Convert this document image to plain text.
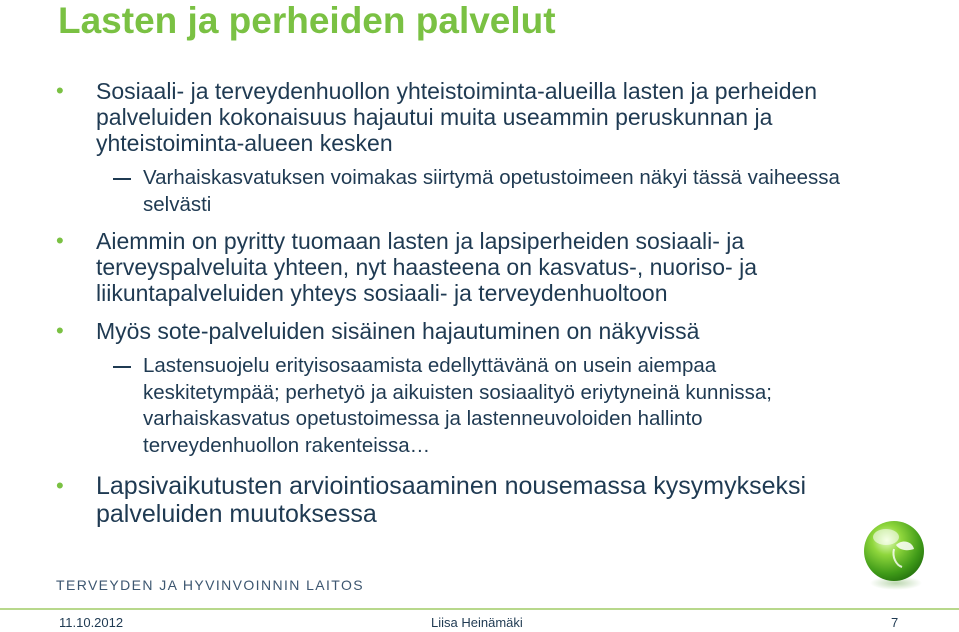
Lasten ja perheiden palvelut
• Sosiaali- ja terveydenhuollon yhteistoiminta-alueilla lasten ja perheiden palveluiden kokonaisuus hajautui muita useammin peruskunnan ja yhteistoiminta-alueen kesken
Varhaiskasvatuksen voimakas siirtymä opetustoimeen näkyi tässä vaiheessa selvästi
• Aiemmin on pyritty tuomaan lasten ja lapsiperheiden sosiaali- ja terveyspalveluita yhteen, nyt haasteena on kasvatus-, nuoriso- ja liikuntapalveluiden yhteys sosiaali- ja terveydenhuoltoon
• Myös sote-palveluiden sisäinen hajautuminen on näkyvissä
Lastensuojelu erityisosaamista edellyttävänä on usein aiempaa keskitetympää; perhetyö ja aikuisten sosiaalityö eriytyneinä kunnissa; varhaiskasvatus opetustoimessa ja lastenneuvoloiden hallinto terveydenhuollon rakenteissa…
• Lapsivaikutusten arviointiosaaminen nousemassa kysymykseksi palveluiden muutoksessa
TERVEYDEN JA HYVINVOINNIN LAITOS
11.10.2012	Liisa Heinämäki	7
